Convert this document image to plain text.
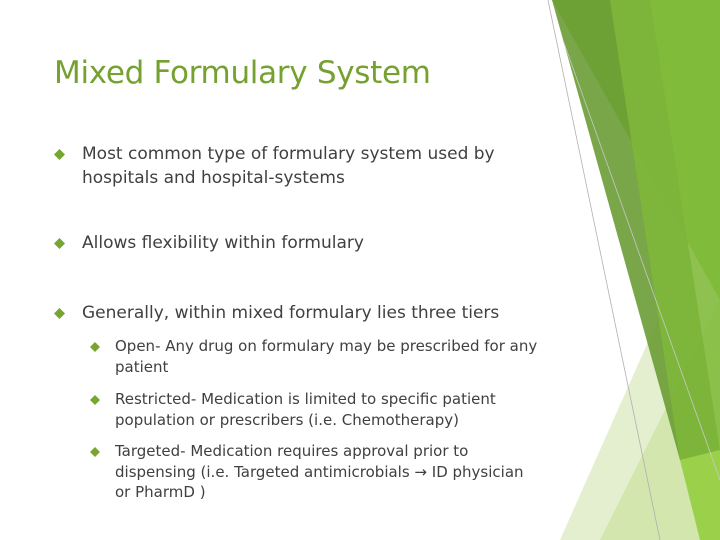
Mixed Formulary System
Most common type of formulary system used by hospitals and hospital-systems
Allows flexibility within formulary
Generally, within mixed formulary lies three tiers
Open- Any drug on formulary may be prescribed for any patient
Restricted- Medication is limited to specific patient population or prescribers (i.e. Chemotherapy)
Targeted- Medication requires approval prior to dispensing (i.e. Targeted antimicrobials → ID physician or PharmD )
